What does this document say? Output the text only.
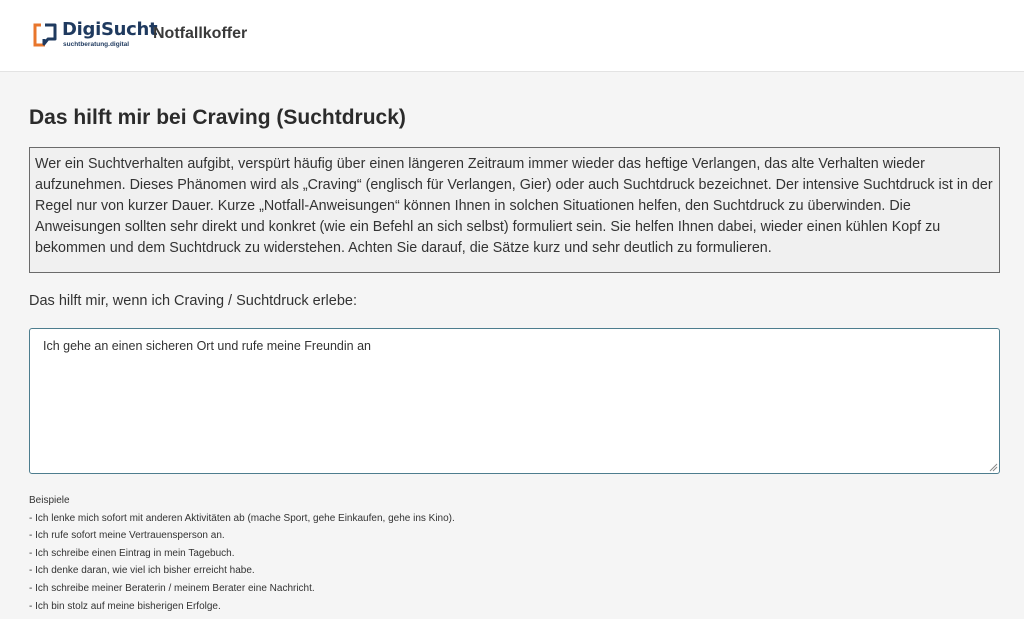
DigiSucht
suchtberatung.digital
Notfallkoffer
Das hilft mir bei Craving (Suchtdruck)
Wer ein Suchtverhalten aufgibt, verspürt häufig über einen längeren Zeitraum immer wieder das heftige Verlangen, das alte Verhalten wieder aufzunehmen. Dieses Phänomen wird als „Craving“ (englisch für Verlangen, Gier) oder auch Suchtdruck bezeichnet. Der intensive Suchtdruck ist in der Regel nur von kurzer Dauer. Kurze „Notfall-Anweisungen“ können Ihnen in solchen Situationen helfen, den Suchtdruck zu überwinden. Die Anweisungen sollten sehr direkt und konkret (wie ein Befehl an sich selbst) formuliert sein. Sie helfen Ihnen dabei, wieder einen kühlen Kopf zu bekommen und dem Suchtdruck zu widerstehen. Achten Sie darauf, die Sätze kurz und sehr deutlich zu formulieren.
Das hilft mir, wenn ich Craving / Suchtdruck erlebe:
Ich gehe an einen sicheren Ort und rufe meine Freundin an
Beispiele
- Ich lenke mich sofort mit anderen Aktivitäten ab (mache Sport, gehe Einkaufen, gehe ins Kino).
- Ich rufe sofort meine Vertrauensperson an.
- Ich schreibe einen Eintrag in mein Tagebuch.
- Ich denke daran, wie viel ich bisher erreicht habe.
- Ich schreibe meiner Beraterin / meinem Berater eine Nachricht.
- Ich bin stolz auf meine bisherigen Erfolge.
